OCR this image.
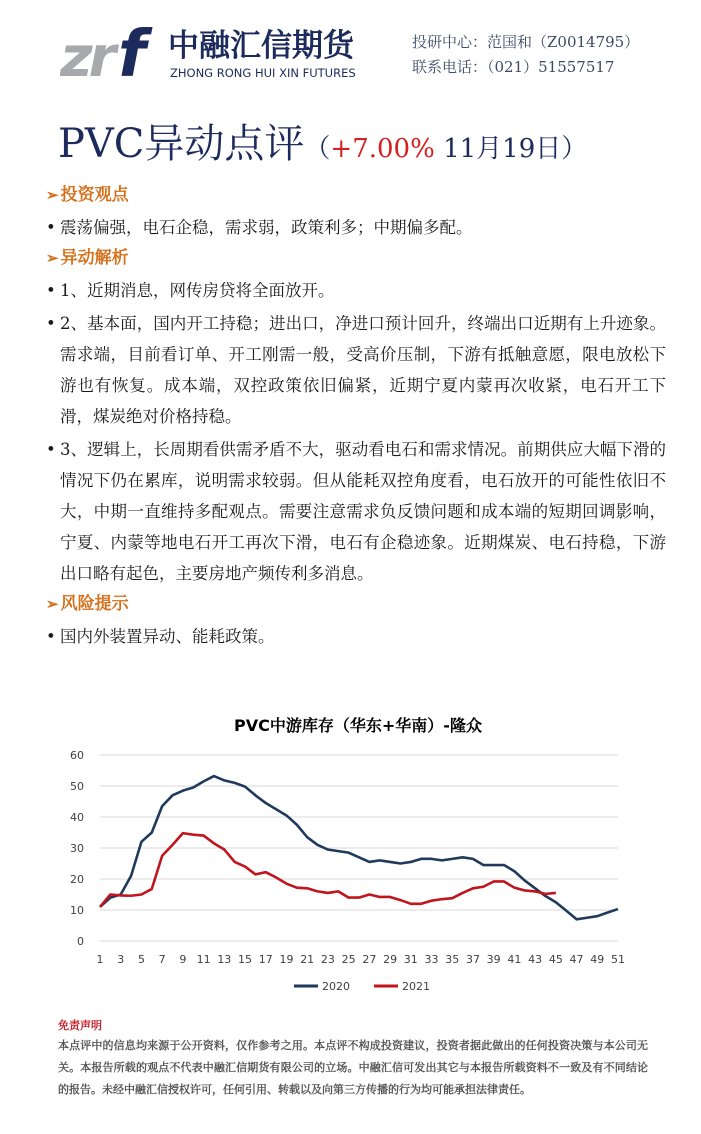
zr f 中融汇信期货
ZHONG RONG HUI XIN FUTURES
投研中心：范国和（Z0014795）
联系电话：（021）51557517
PVC异动点评（+7.00% 11月19日）
➢ 投资观点
• 震荡偏强，电石企稳，需求弱，政策利多；中期偏多配。
➢ 异动解析
• 1、近期消息，网传房贷将全面放开。
• 2、基本面，国内开工持稳；进出口，净进口预计回升，终端出口近期有上升迹象。需求端，目前看订单、开工刚需一般，受高价压制，下游有抵触意愿，限电放松下游也有恢复。成本端，双控政策依旧偏紧，近期宁夏内蒙再次收紧，电石开工下滑，煤炭绝对价格持稳。
• 3、逻辑上，长周期看供需矛盾不大，驱动看电石和需求情况。前期供应大幅下滑的情况下仍在累库，说明需求较弱。但从能耗双控角度看，电石放开的可能性依旧不大，中期一直维持多配观点。需要注意需求负反馈问题和成本端的短期回调影响，宁夏、内蒙等地电石开工再次下滑，电石有企稳迹象。近期煤炭、电石持稳，下游出口略有起色，主要房地产频传利多消息。
➢ 风险提示
• 国内外装置异动、能耗政策。
PVC中游库存（华东+华南）-隆众
0
10
20
30
40
50
60
1 3 5 7 9 11 13 15 17 19 21 23 25 27 29 31 33 35 37 39 41 43 45 47 49 51
2020	2021
免责声明
本点评中的信息均来源于公开资料，仅作参考之用。本点评不构成投资建议，投资者据此做出的任何投资决策与本公司无关。本报告所载的观点不代表中融汇信期货有限公司的立场。中融汇信可发出其它与本报告所载资料不一致及有不同结论的报告。未经中融汇信授权许可，任何引用、转载以及向第三方传播的行为均可能承担法律责任。
